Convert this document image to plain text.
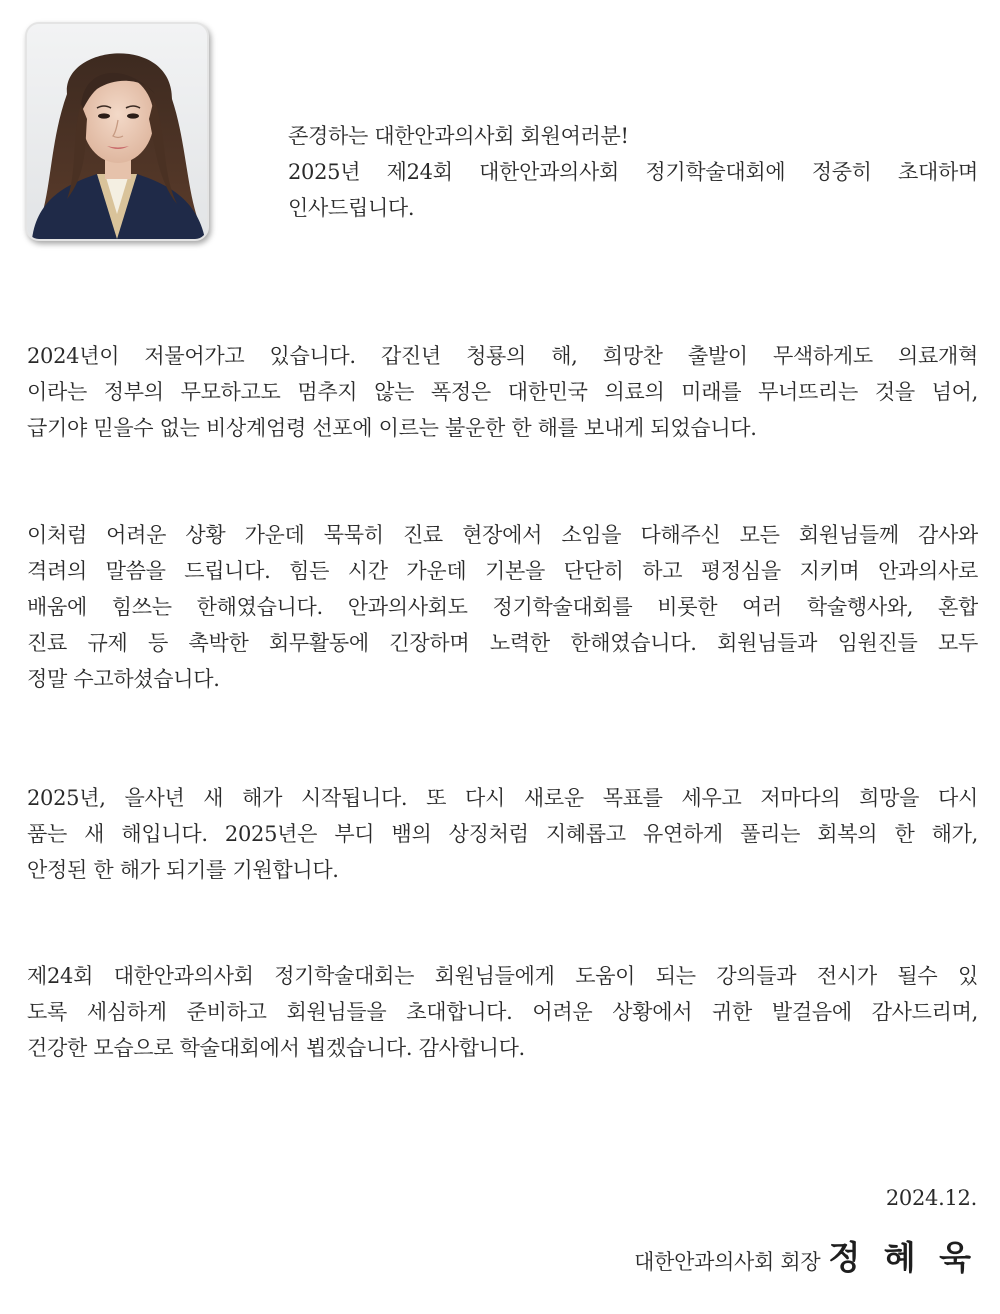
존경하는 대한안과의사회 회원여러분!
2025년 제24회 대한안과의사회 정기학술대회에 정중히 초대하며
인사드립니다.
2024년이 저물어가고 있습니다. 갑진년 청룡의 해, 희망찬 출발이 무색하게도 의료개혁
이라는 정부의 무모하고도 멈추지 않는 폭정은 대한민국 의료의 미래를 무너뜨리는 것을 넘어,
급기야 믿을수 없는 비상계엄령 선포에 이르는 불운한 한 해를 보내게 되었습니다.
이처럼 어려운 상황 가운데 묵묵히 진료 현장에서 소임을 다해주신 모든 회원님들께 감사와
격려의 말씀을 드립니다. 힘든 시간 가운데 기본을 단단히 하고 평정심을 지키며 안과의사로
배움에 힘쓰는 한해였습니다. 안과의사회도 정기학술대회를 비롯한 여러 학술행사와, 혼합
진료 규제 등 촉박한 회무활동에 긴장하며 노력한 한해였습니다. 회원님들과 임원진들 모두
정말 수고하셨습니다.
2025년, 을사년 새 해가 시작됩니다. 또 다시 새로운 목표를 세우고 저마다의 희망을 다시
품는 새 해입니다. 2025년은 부디 뱀의 상징처럼 지혜롭고 유연하게 풀리는 회복의 한 해가,
안정된 한 해가 되기를 기원합니다.
제24회 대한안과의사회 정기학술대회는 회원님들에게 도움이 되는 강의들과 전시가 될수 있
도록 세심하게 준비하고 회원님들을 초대합니다. 어려운 상황에서 귀한 발걸음에 감사드리며,
건강한 모습으로 학술대회에서 뵙겠습니다. 감사합니다.
2024.12.
대한안과의사회 회장 정 혜 욱
